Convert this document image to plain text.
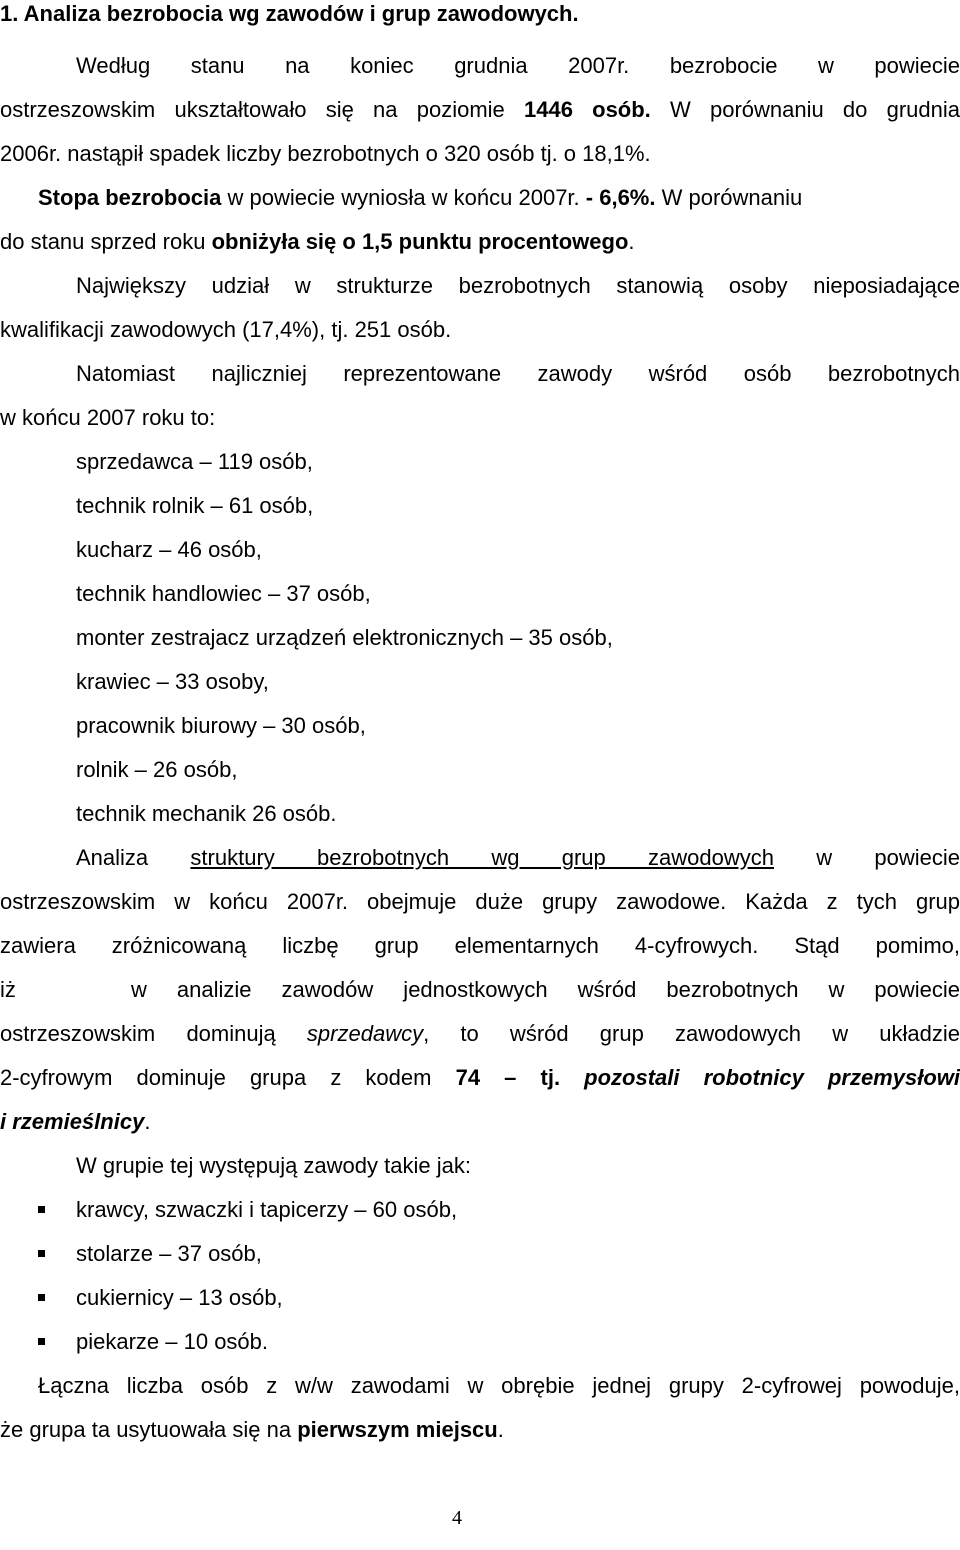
1. Analiza bezrobocia wg zawodów i grup zawodowych.
Według stanu na koniec grudnia 2007r. bezrobocie w powiecie
ostrzeszowskim ukształtowało się na poziomie 1446 osób. W porównaniu do grudnia
2006r. nastąpił spadek liczby bezrobotnych o 320 osób tj. o 18,1%.
Stopa bezrobocia w powiecie wyniosła w końcu 2007r. - 6,6%. W porównaniu
do stanu sprzed roku obniżyła się o 1,5 punktu procentowego.
Największy udział w strukturze bezrobotnych stanowią osoby nieposiadające
kwalifikacji zawodowych (17,4%), tj. 251 osób.
Natomiast najliczniej reprezentowane zawody wśród osób bezrobotnych
w końcu 2007 roku to:
sprzedawca – 119 osób,
technik rolnik – 61 osób,
kucharz – 46 osób,
technik handlowiec – 37 osób,
monter zestrajacz urządzeń elektronicznych – 35 osób,
krawiec – 33 osoby,
pracownik biurowy – 30 osób,
rolnik – 26 osób,
technik mechanik 26 osób.
Analiza struktury bezrobotnych wg grup zawodowych w powiecie
ostrzeszowskim w końcu 2007r. obejmuje duże grupy zawodowe. Każda z tych grup
zawiera zróżnicowaną liczbę grup elementarnych 4-cyfrowych. Stąd pomimo,
iż	w analizie zawodów jednostkowych wśród bezrobotnych w powiecie
ostrzeszowskim dominują sprzedawcy, to wśród grup zawodowych w układzie
2-cyfrowym dominuje grupa z kodem 74 – tj. pozostali robotnicy przemysłowi
i rzemieślnicy.
W grupie tej występują zawody takie jak:
krawcy, szwaczki i tapicerzy – 60 osób,
stolarze – 37 osób,
cukiernicy – 13 osób,
piekarze – 10 osób.
Łączna liczba osób z w/w zawodami w obrębie jednej grupy 2-cyfrowej powoduje,
że grupa ta usytuowała się na pierwszym miejscu.
4
